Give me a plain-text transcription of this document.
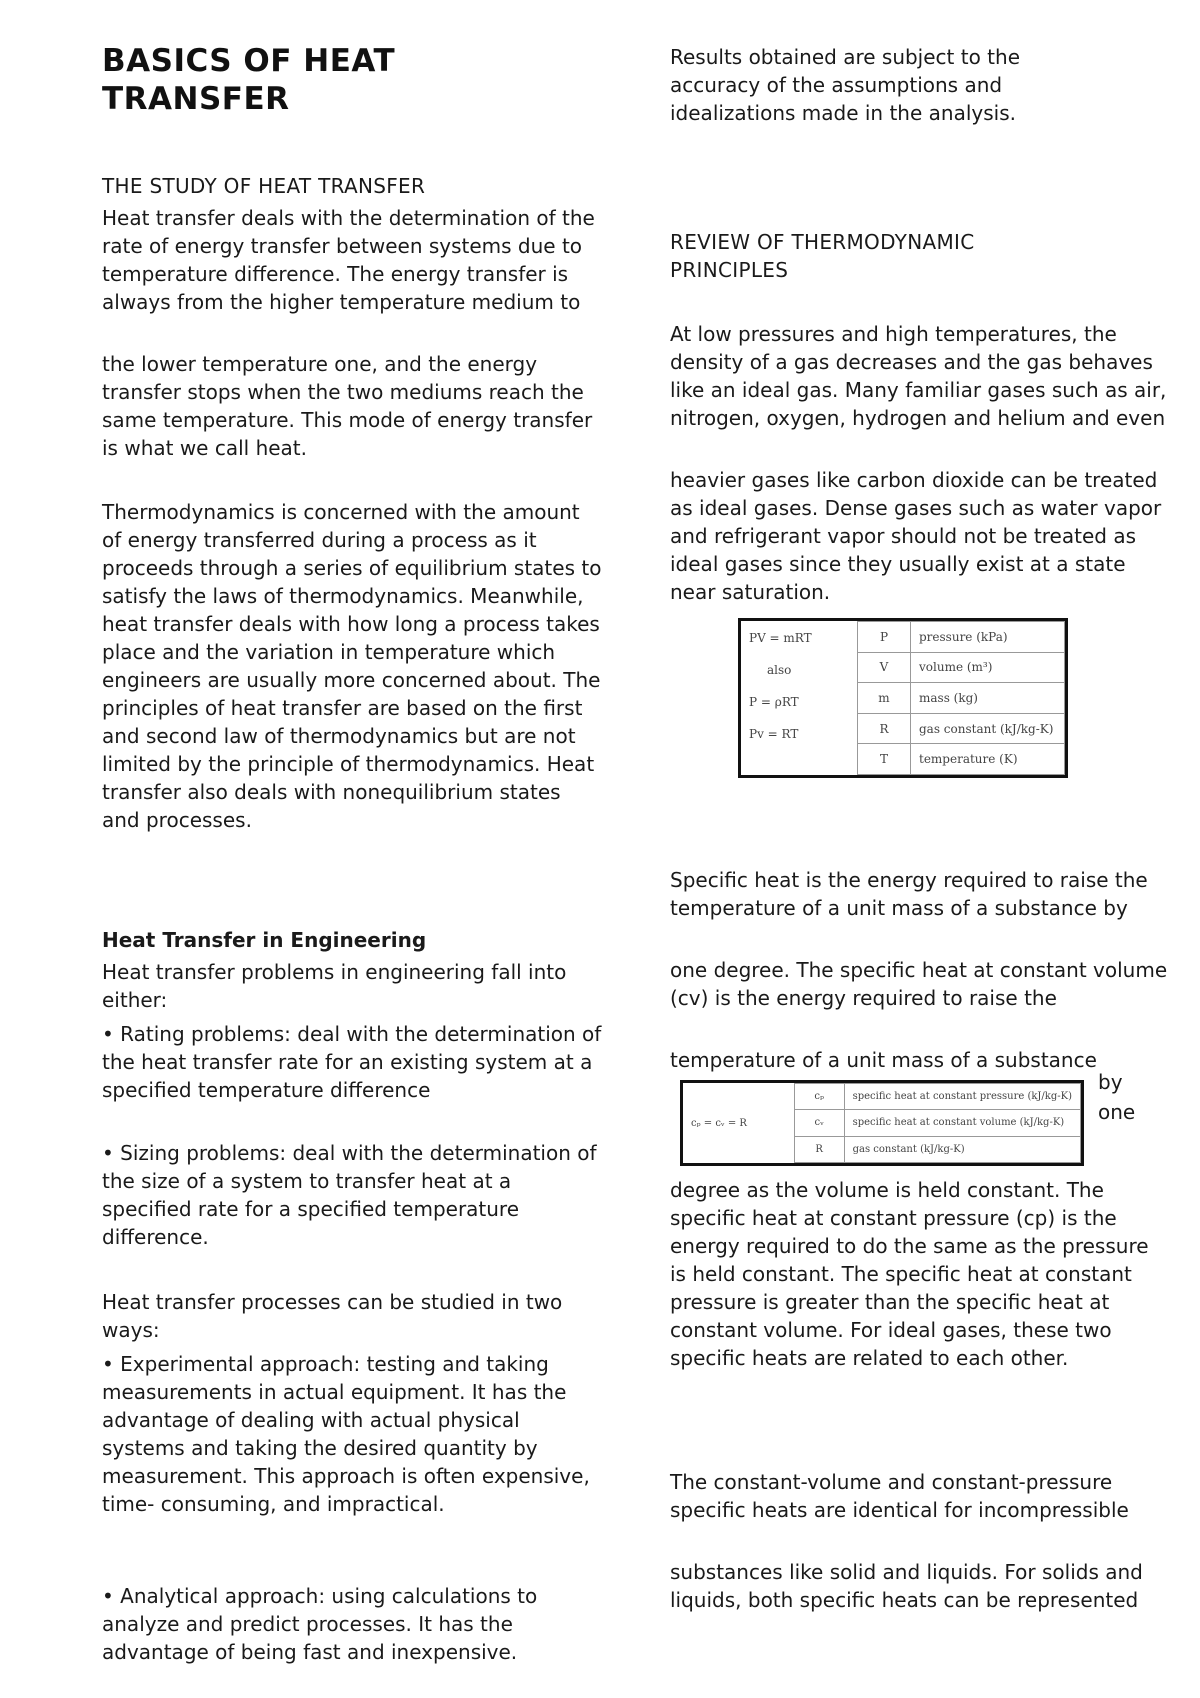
BASICS OF HEAT TRANSFER
THE STUDY OF HEAT TRANSFER
Heat transfer deals with the determination of the rate of energy transfer between systems due to temperature difference. The energy transfer is always from the higher temperature medium to
the lower temperature one, and the energy transfer stops when the two mediums reach the same temperature. This mode of energy transfer is what we call heat.
Thermodynamics is concerned with the amount of energy transferred during a process as it proceeds through a series of equilibrium states to satisfy the laws of thermodynamics. Meanwhile, heat transfer deals with how long a process takes place and the variation in temperature which engineers are usually more concerned about. The principles of heat transfer are based on the first and second law of thermodynamics but are not limited by the principle of thermodynamics. Heat transfer also deals with nonequilibrium states and processes.
Heat Transfer in Engineering
Heat transfer problems in engineering fall into either:
• Rating problems: deal with the determination of the heat transfer rate for an existing system at a specified temperature difference
• Sizing problems: deal with the determination of the size of a system to transfer heat at a specified rate for a specified temperature difference.
Heat transfer processes can be studied in two ways:
• Experimental approach: testing and taking measurements in actual equipment. It has the advantage of dealing with actual physical systems and taking the desired quantity by measurement. This approach is often expensive, time- consuming, and impractical.
• Analytical approach: using calculations to analyze and predict processes. It has the advantage of being fast and inexpensive.
Results obtained are subject to the accuracy of the assumptions and idealizations made in the analysis.
REVIEW OF THERMODYNAMIC PRINCIPLES
At low pressures and high temperatures, the density of a gas decreases and the gas behaves like an ideal gas. Many familiar gases such as air, nitrogen, oxygen, hydrogen and helium and even
heavier gases like carbon dioxide can be treated as ideal gases. Dense gases such as water vapor and refrigerant vapor should not be treated as ideal gases since they usually exist at a state near saturation.
PV = mRT
also
P = ρRT
Pv = RT	P	pressure (kPa)
	V	volume (m³)
	m	mass (kg)
	R	gas constant (kJ/kg-K)
	T	temperature (K)
Specific heat is the energy required to raise the temperature of a unit mass of a substance by
one degree. The specific heat at constant volume (cv) is the energy required to raise the
temperature of a unit mass of a substance
cₚ = cᵥ = R	cₚ	specific heat at constant pressure (kJ/kg-K)
	cᵥ	specific heat at constant volume (kJ/kg-K)
	R	gas constant (kJ/kg-K)
by
one
degree as the volume is held constant. The specific heat at constant pressure (cp) is the energy required to do the same as the pressure is held constant. The specific heat at constant pressure is greater than the specific heat at constant volume. For ideal gases, these two specific heats are related to each other.
The constant-volume and constant-pressure specific heats are identical for incompressible
substances like solid and liquids. For solids and liquids, both specific heats can be represented
